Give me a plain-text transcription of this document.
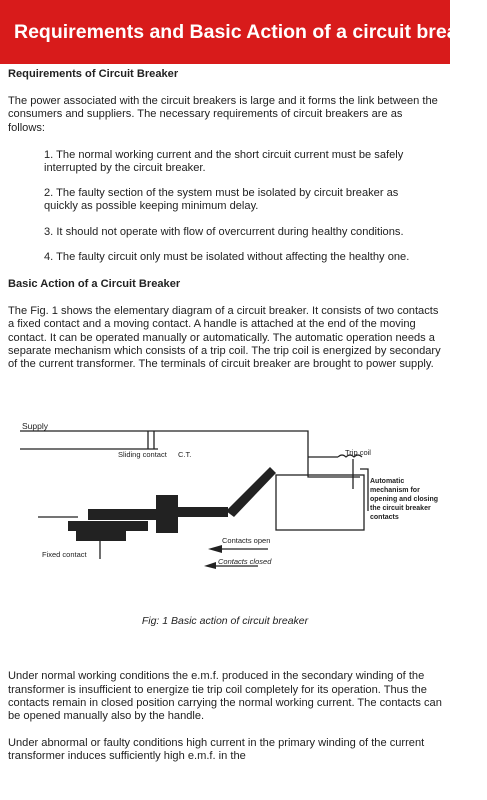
Requirements and Basic Action of a circuit breaker

Requirements of Circuit Breaker

The power associated with the circuit breakers is large and it forms the link between the consumers and suppliers. The necessary requirements of circuit breakers are as follows:

1. The normal working current and the short circuit current must be safely interrupted by the circuit breaker.

2. The faulty section of the system must be isolated by circuit breaker as quickly as possible keeping minimum delay.

3. It should not operate with flow of overcurrent during healthy conditions.

4. The faulty circuit only must be isolated without affecting the healthy one.

Basic Action of a Circuit Breaker

The Fig. 1 shows the elementary diagram of a circuit breaker. It consists of two contacts a fixed contact and a moving contact. A handle is attached at the end of the moving contact. It can be operated manually or automatically. The automatic operation needs a separate mechanism which consists of a trip coil. The trip coil is energized by secondary of the current transformer. The terminals of circuit breaker are brought to power supply.

Supply
Sliding contact C.T.	Trip coil
Automatic mechanism for opening and closing the circuit breaker contacts
Contacts open
Contacts closed
Fixed contact

Fig: 1 Basic action of circuit breaker

Under normal working conditions the e.m.f. produced in the secondary winding of the transformer is insufficient to energize tie trip coil completely for its operation. Thus the contacts remain in closed position carrying the normal working current. The contacts can be opened manually also by the handle.

Under abnormal or faulty conditions high current in the primary winding of the current transformer induces sufficiently high e.m.f. in the
